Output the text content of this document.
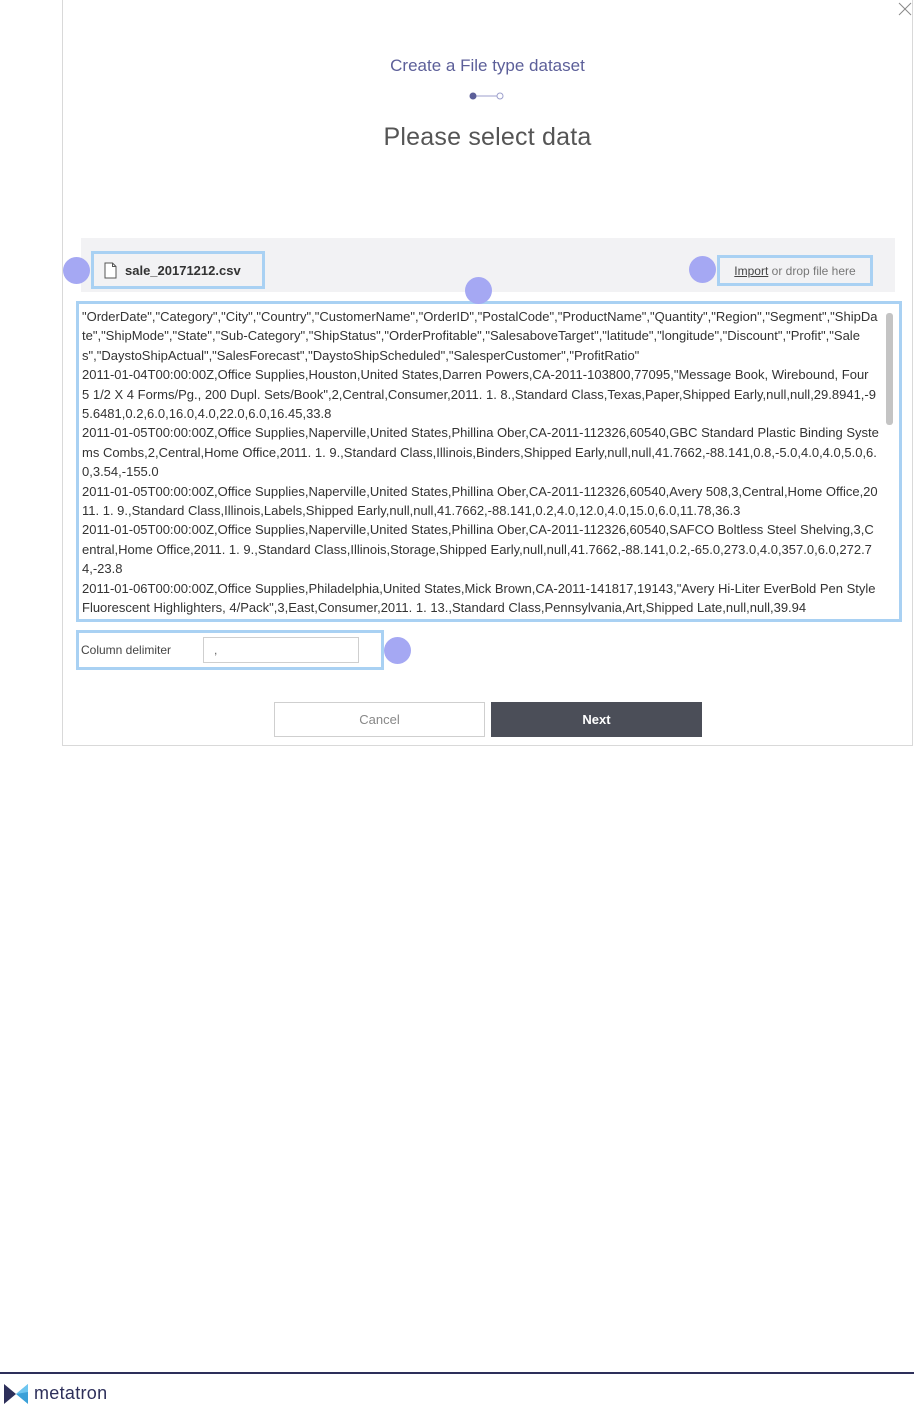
Create a File type dataset
Please select data
sale_20171212.csv	Import or drop file here
"OrderDate","Category","City","Country","CustomerName","OrderID","PostalCode","ProductName","Quantity","Region","Segment","ShipDate","ShipMode","State","Sub-Category","ShipStatus","OrderProfitable","SalesaboveTarget","latitude","longitude","Discount","Profit","Sales","DaystoShipActual","SalesForecast","DaystoShipScheduled","SalesperCustomer","ProfitRatio"
2011-01-04T00:00:00Z,Office Supplies,Houston,United States,Darren Powers,CA-2011-103800,77095,"Message Book, Wirebound, Four 5 1/2 X 4 Forms/Pg., 200 Dupl. Sets/Book",2,Central,Consumer,2011. 1. 8.,Standard Class,Texas,Paper,Shipped Early,null,null,29.8941,-95.6481,0.2,6.0,16.0,4.0,22.0,6.0,16.45,33.8
2011-01-05T00:00:00Z,Office Supplies,Naperville,United States,Phillina Ober,CA-2011-112326,60540,GBC Standard Plastic Binding Systems Combs,2,Central,Home Office,2011. 1. 9.,Standard Class,Illinois,Binders,Shipped Early,null,null,41.7662,-88.141,0.8,-5.0,4.0,4.0,5.0,6.0,3.54,-155.0
2011-01-05T00:00:00Z,Office Supplies,Naperville,United States,Phillina Ober,CA-2011-112326,60540,Avery 508,3,Central,Home Office,2011. 1. 9.,Standard Class,Illinois,Labels,Shipped Early,null,null,41.7662,-88.141,0.2,4.0,12.0,4.0,15.0,6.0,11.78,36.3
2011-01-05T00:00:00Z,Office Supplies,Naperville,United States,Phillina Ober,CA-2011-112326,60540,SAFCO Boltless Steel Shelving,3,Central,Home Office,2011. 1. 9.,Standard Class,Illinois,Storage,Shipped Early,null,null,41.7662,-88.141,0.2,-65.0,273.0,4.0,357.0,6.0,272.74,-23.8
2011-01-06T00:00:00Z,Office Supplies,Philadelphia,United States,Mick Brown,CA-2011-141817,19143,"Avery Hi-Liter EverBold Pen Style Fluorescent Highlighters, 4/Pack",3,East,Consumer,2011. 1. 13.,Standard Class,Pennsylvania,Art,Shipped Late,null,null,39.94
Column delimiter
,
Cancel	Next
metatron
